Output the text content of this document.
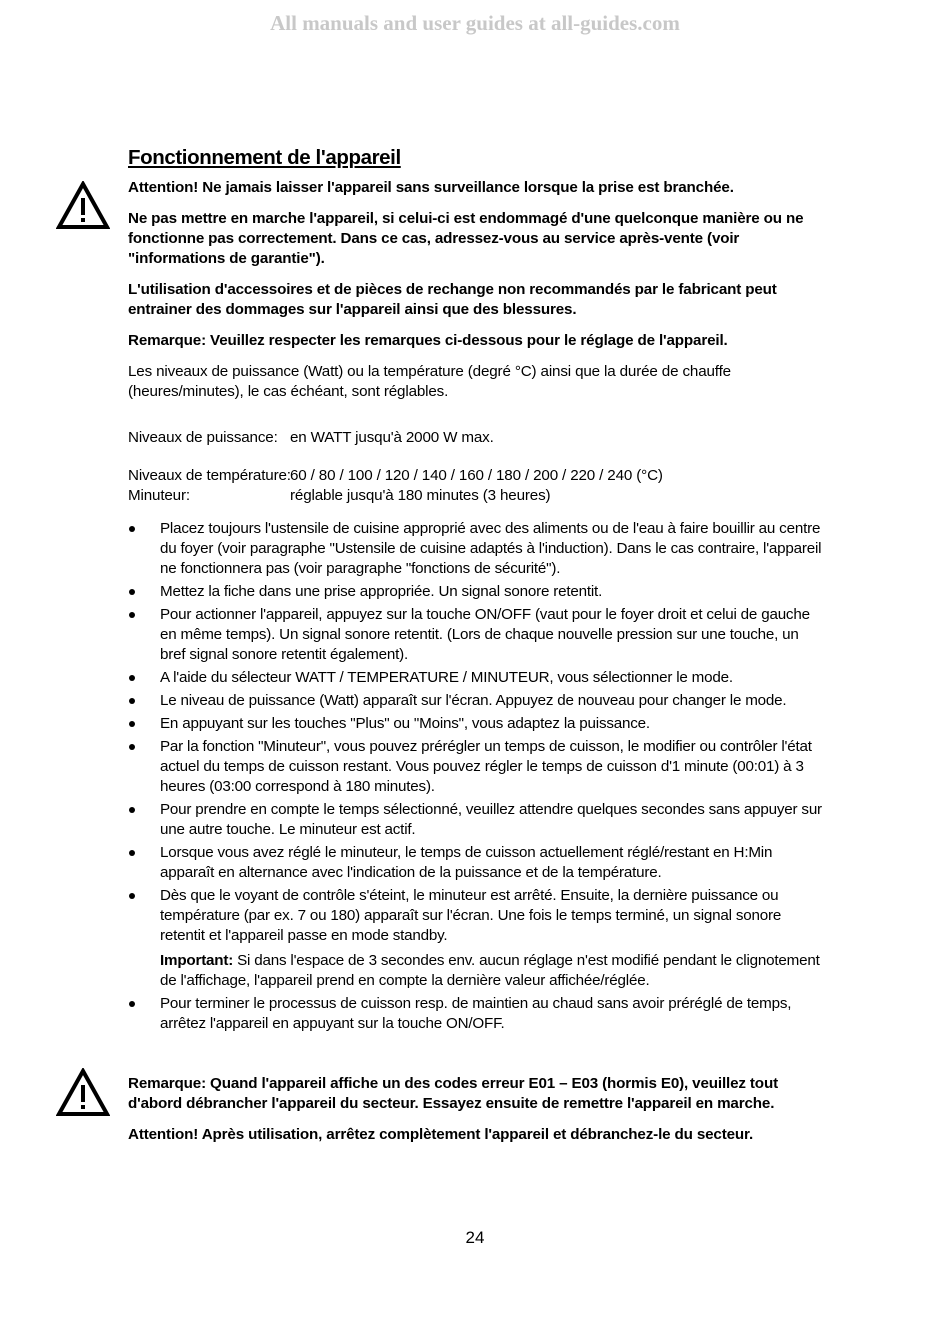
All manuals and user guides at all-guides.com
Fonctionnement de l'appareil

Attention! Ne jamais laisser l'appareil sans surveillance lorsque la prise est branchée.

Ne pas mettre en marche l'appareil, si celui-ci est endommagé d'une quelconque manière ou ne fonctionne pas correctement. Dans ce cas, adressez-vous au service après-vente (voir "informations de garantie").

L'utilisation d'accessoires et de pièces de rechange non recommandés par le fabricant peut entrainer des dommages sur l'appareil ainsi que des blessures.

Remarque: Veuillez respecter les remarques ci-dessous pour le réglage de l'appareil.

Les niveaux de puissance (Watt) ou la température (degré °C) ainsi que la durée de chauffe (heures/minutes), le cas échéant, sont réglables.

Niveaux de puissance: en WATT jusqu'à 2000 W max.
Niveaux de température: 60 / 80 / 100 / 120 / 140 / 160 / 180 / 200 / 220 / 240 (°C)
Minuteur:	réglable jusqu'à 180 minutes (3 heures)
Placez toujours l'ustensile de cuisine approprié avec des aliments ou de l'eau à faire bouillir au centre du foyer (voir paragraphe "Ustensile de cuisine adaptés à l'induction). Dans le cas contraire, l'appareil ne fonctionnera pas (voir paragraphe "fonctions de sécurité").
Mettez la fiche dans une prise appropriée. Un signal sonore retentit.
Pour actionner l'appareil, appuyez sur la touche ON/OFF (vaut pour le foyer droit et celui de gauche en même temps). Un signal sonore retentit. (Lors de chaque nouvelle pression sur une touche, un bref signal sonore retentit également).
A l'aide du sélecteur WATT / TEMPERATURE / MINUTEUR, vous sélectionner le mode.
Le niveau de puissance (Watt) apparaît sur l'écran. Appuyez de nouveau pour changer le mode.
En appuyant sur les touches "Plus" ou "Moins", vous adaptez la puissance.
Par la fonction "Minuteur", vous pouvez prérégler un temps de cuisson, le modifier ou contrôler l'état actuel du temps de cuisson restant. Vous pouvez régler le temps de cuisson d'1 minute (00:01) à 3 heures (03:00 correspond à 180 minutes).
Pour prendre en compte le temps sélectionné, veuillez attendre quelques secondes sans appuyer sur une autre touche. Le minuteur est actif.
Lorsque vous avez réglé le minuteur, le temps de cuisson actuellement réglé/restant en H:Min apparaît en alternance avec l'indication de la puissance et de la température.
Dès que le voyant de contrôle s'éteint, le minuteur est arrêté. Ensuite, la dernière puissance ou température (par ex. 7 ou 180) apparaît sur l'écran. Une fois le temps terminé, un signal sonore retentit et l'appareil passe en mode standby.
Important: Si dans l'espace de 3 secondes env. aucun réglage n'est modifié pendant le clignotement de l'affichage, l'appareil prend en compte la dernière valeur affichée/réglée.
Pour terminer le processus de cuisson resp. de maintien au chaud sans avoir préréglé de temps, arrêtez l'appareil en appuyant sur la touche ON/OFF.

Remarque: Quand l'appareil affiche un des codes erreur E01 – E03 (hormis E0), veuillez tout d'abord débrancher l'appareil du secteur. Essayez ensuite de remettre l'appareil en marche.

Attention! Après utilisation, arrêtez complètement l'appareil et débranchez-le du secteur.

24
